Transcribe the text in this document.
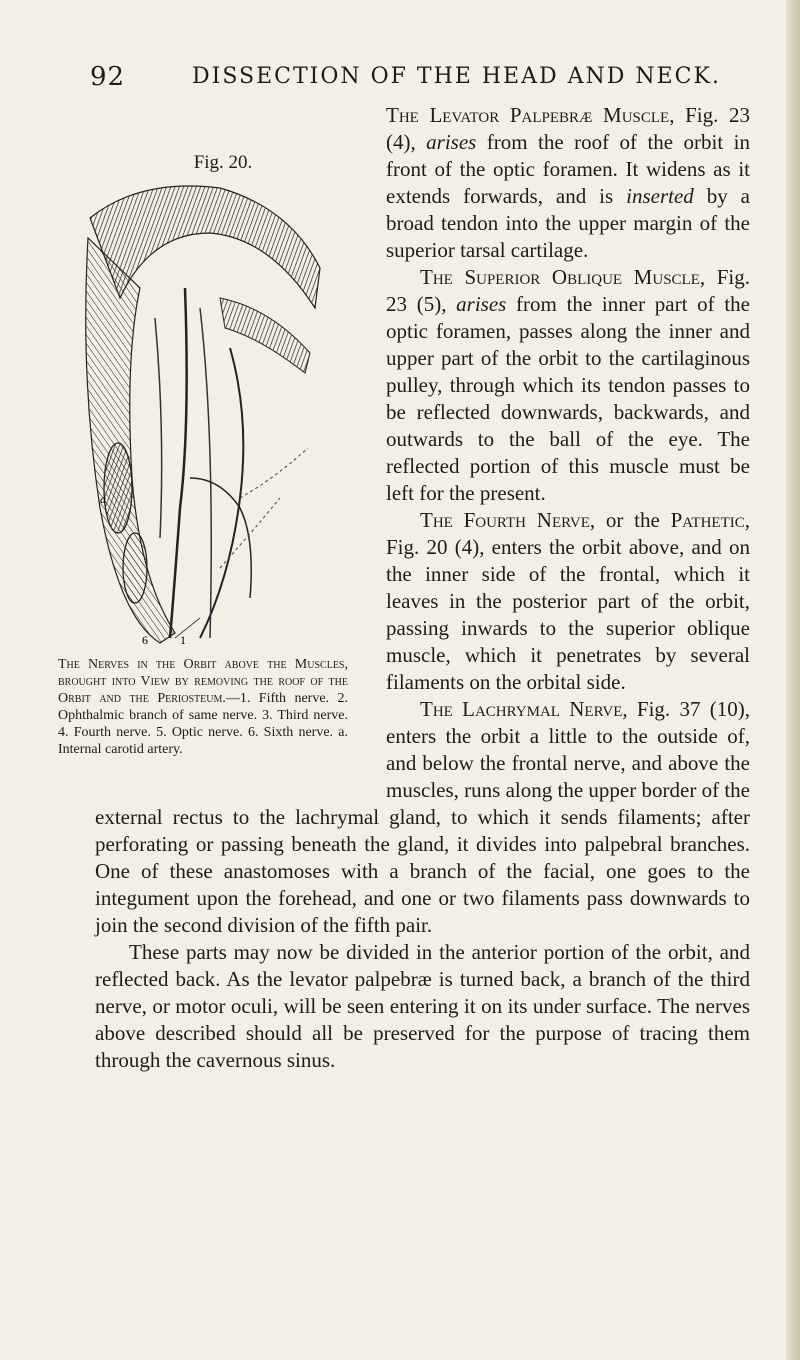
92	DISSECTION OF THE HEAD AND NECK.
Fig. 20.
a
6	1
The Nerves in the Orbit above the Muscles, brought into View by removing the roof of the Orbit and the Periosteum.—1. Fifth nerve. 2. Ophthalmic branch of same nerve. 3. Third nerve. 4. Fourth nerve. 5. Optic nerve. 6. Sixth nerve. a. Internal carotid artery.

The Levator Palpebræ Muscle, Fig. 23 (4), arises from the roof of the orbit in front of the optic foramen. It widens as it extends forwards, and is inserted by a broad tendon into the upper margin of the superior tarsal cartilage.

The Superior Oblique Muscle, Fig. 23 (5), arises from the inner part of the optic foramen, passes along the inner and upper part of the orbit to the cartilaginous pulley, through which its tendon passes to be reflected downwards, backwards, and outwards to the ball of the eye. The reflected portion of this muscle must be left for the present.

The Fourth Nerve, or the Pathetic, Fig. 20 (4), enters the orbit above, and on the inner side of the frontal, which it leaves in the posterior part of the orbit, passing inwards to the superior oblique muscle, which it penetrates by several filaments on the orbital side.

The Lachrymal Nerve, Fig. 37 (10), enters the orbit a little to the outside of, and below the frontal nerve, and above the muscles, runs along the upper border of the external rectus to the lachrymal gland, to which it sends filaments; after perforating or passing beneath the gland, it divides into palpebral branches. One of these anastomoses with a branch of the facial, one goes to the integument upon the forehead, and one or two filaments pass downwards to join the second division of the fifth pair.

These parts may now be divided in the anterior portion of the orbit, and reflected back. As the levator palpebræ is turned back, a branch of the third nerve, or motor oculi, will be seen entering it on its under surface. The nerves above described should all be preserved for the purpose of tracing them through the cavernous sinus.
